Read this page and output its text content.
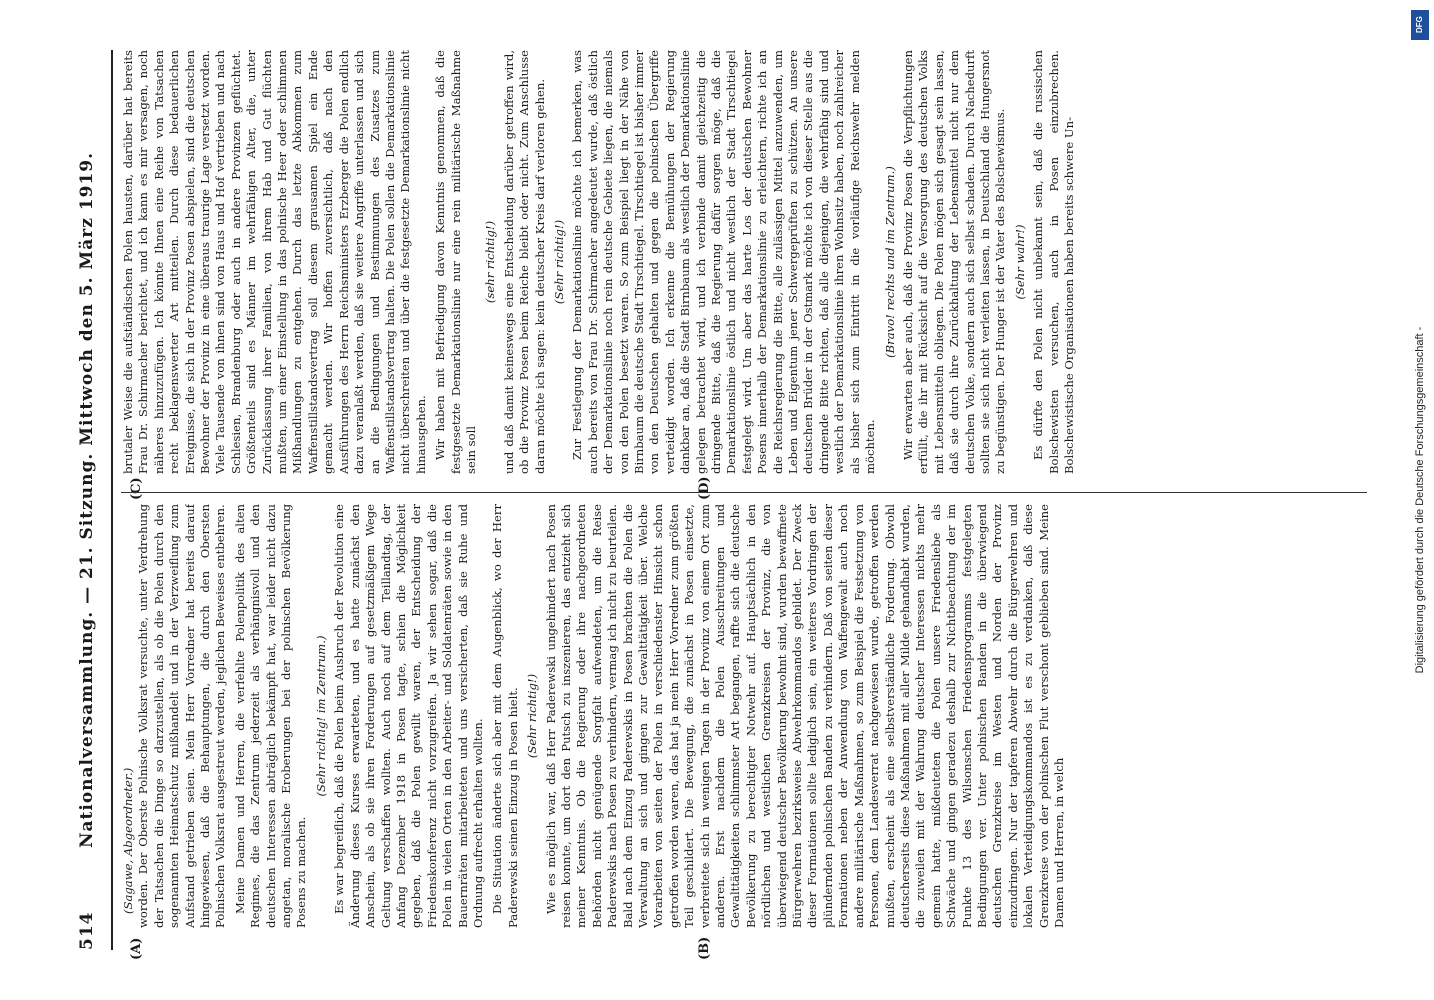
514
Nationalversammlung. — 21. Sitzung. Mittwoch den 5. März 1919.
(A)	(B)
(C)	(D)

(Sagawe, Abgeordneter.) worden. Der Oberste Polnische Volksrat versuchte, unter Verdrehung der Tatsachen die Dinge so darzustellen, als ob die Polen durch den sogenannten Heimatschutz mißhandelt und in der Verzweiflung zum Aufstand getrieben seien. Mein Herr Vorredner hat bereits darauf hingewiesen, daß die Behauptungen, die durch den Obersten Polnischen Volksrat ausgestreut werden, jeglichen Beweises entbehren. Meine Damen und Herren, die verfehlte Polenpolitik des alten Regimes, die das Zentrum jederzeit als verhängnisvoll und den deutschen Interessen abträglich bekämpft hat, war leider nicht dazu angetan, moralische Eroberungen bei der polnischen Bevölkerung Posens zu machen.

(Sehr richtig! im Zentrum.) Es war begreiflich, daß die Polen beim Ausbruch der Revolution eine Änderung dieses Kurses erwarteten, und es hatte zunächst den Anschein, als ob sie ihren Forderungen auf gesetzmäßigem Wege Geltung verschaffen wollten. Auch noch auf dem Teillandtag, der Anfang Dezember 1918 in Posen tagte, schien die Möglichkeit gegeben, daß die Polen gewillt waren, der Entscheidung der Friedenskonferenz nicht vorzugreifen. Ja wir sehen sogar, daß die Polen in vielen Orten in den Arbeiter- und Soldatenräten sowie in den Bauernräten mitarbeiteten und uns versicherten, daß sie Ruhe und Ordnung aufrecht erhalten wollten. Die Situation änderte sich aber mit dem Augenblick, wo der Herr Paderewski seinen Einzug in Posen hielt. (Sehr richtig!) Wie es möglich war, daß Herr Paderewski ungehindert nach Posen reisen konnte, um dort den Putsch zu inszenieren, das entzieht sich meiner Kenntnis. Ob die Regierung oder ihre nachgeordneten Behörden nicht genügende Sorgfalt aufwendeten, um die Reise Paderewskis nach Posen zu verhindern, vermag ich nicht zu beurteilen. Bald nach dem Einzug Paderewskis in Posen brachten die Polen die Verwaltung an sich und gingen zur Gewalttätigkeit über. Welche Vorarbeiten von seiten der Polen in verschiedenster Hinsicht schon getroffen worden waren, das hat ja mein Herr Vorredner zum größten Teil geschildert. Die Bewegung, die zunächst in Posen einsetzte, verbreitete sich in wenigen Tagen in der Provinz von einem Ort zum anderen. Erst nachdem die Polen Ausschreitungen und Gewalttätigkeiten schlimmster Art begangen, raffte sich die deutsche Bevölkerung zu berechtigter Notwehr auf. Hauptsächlich in den nördlichen und westlichen Grenzkreisen der Provinz, die von überwiegend deutscher Bevölkerung bewohnt sind, wurden bewaffnete Bürgerwehren bezirksweise Abwehrkommandos gebildet. Der Zweck dieser Formationen sollte lediglich sein, ein weiteres Vordringen der plündernden polnischen Banden zu verhindern. Daß von seiten dieser Formationen neben der Anwendung von Waffengewalt auch noch andere militärische Maßnahmen, so zum Beispiel die Festsetzung von Personen, dem Landesverrat nachgewiesen wurde, getroffen werden mußten, erscheint als eine selbstverständliche Forderung. Obwohl deutscherseits diese Maßnahmen mit aller Milde gehandhabt wurden, die zuweilen mit der Wahrung deutscher Interessen nichts mehr gemein hatte, mißdeuteten die Polen unsere Friedensliebe als Schwäche und gingen geradezu deshalb zur Nichtbeachtung der im Punkte 13 des Wilsonschen Friedensprogramms festgelegten Bedingungen ver. Unter polnischen Banden in die überwiegend deutschen Grenzkreise im Westen und Norden der Provinz einzudringen. Nur der tapferen Abwehr durch die Bürgerwehren und lokalen Verteidigungskommandos ist es zu verdanken, daß diese Grenzkreise von der polnischen Flut verschont geblieben sind. Meine Damen und Herren, in welch

brutaler Weise die aufständischen Polen hausten, darüber hat bereits Frau Dr. Schirmacher berichtet, und ich kann es mir versagen, noch näheres hinzuzufügen. Ich könnte Ihnen eine Reihe von Tatsachen recht beklagenswerter Art mitteilen. Durch diese bedauerlichen Ereignisse, die sich in der Provinz Posen abspielen, sind die deutschen Bewohner der Provinz in eine überaus traurige Lage versetzt worden. Viele Tausende von ihnen sind von Haus und Hof vertrieben und nach Schlesien, Brandenburg oder auch in andere Provinzen geflüchtet. Größtenteils sind es Männer im wehrfähigen Alter, die, unter Zurücklassung ihrer Familien, von ihrem Hab und Gut flüchten mußten, um einer Einstellung in das polnische Heer oder schlimmen Mißhandlungen zu entgehen. Durch das letzte Abkommen zum Waffenstillstandsvertrag soll diesem grausamen Spiel ein Ende gemacht werden. Wir hoffen zuversichtlich, daß nach den Ausführungen des Herrn Reichsministers Erzberger die Polen endlich dazu veranlaßt werden, daß sie weitere Angriffe unterlassen und sich an die Bedingungen und Bestimmungen des Zusatzes zum Waffenstillstandsvertrag halten. Die Polen sollen die Demarkationslinie nicht überschreiten und über die festgesetzte Demarkationslinie nicht hinausgehen. Wir haben mit Befriedigung davon Kenntnis genommen, daß die festgesetzte Demarkationslinie nur eine rein militärische Maßnahme sein soll

(sehr richtig!) und daß damit keineswegs eine Entscheidung darüber getroffen wird, ob die Provinz Posen beim Reiche bleibt oder nicht. Zum Anschlusse daran möchte ich sagen: kein deutscher Kreis darf verloren gehen. (Sehr richtig!) Zur Festlegung der Demarkationslinie möchte ich bemerken, was auch bereits von Frau Dr. Schirmacher angedeutet wurde, daß östlich der Demarkationslinie noch rein deutsche Gebiete liegen, die niemals von den Polen besetzt waren. So zum Beispiel liegt in der Nähe von Birnbaum die deutsche Stadt Tirschtiegel. Tirschtiegel ist bisher immer von den Deutschen gehalten und gegen die polnischen Übergriffe verteidigt worden. Ich erkenne die Bemühungen der Regierung dankbar an, daß die Stadt Birnbaum als westlich der Demarkationslinie gelegen betrachtet wird, und ich verbinde damit gleichzeitig die dringende Bitte, daß die Regierung dafür sorgen möge, daß die Demarkationslinie östlich und nicht westlich der Stadt Tirschtiegel festgelegt wird. Um aber das harte Los der deutschen Bewohner Posens innerhalb der Demarkationslinie zu erleichtern, richte ich an die Reichsregierung die Bitte, alle zulässigen Mittel anzuwenden, um Leben und Eigentum jener Schwergeprüften zu schützen. An unsere deutschen Brüder in der Ostmark möchte ich von dieser Stelle aus die dringende Bitte richten, daß alle diejenigen, die wehrfähig sind und westlich der Demarkationslinie ihren Wohnsitz haben, noch zahlreicher als bisher sich zum Eintritt in die vorläufige Reichswehr melden möchten.

(Bravo! rechts und im Zentrum.) Wir erwarten aber auch, daß die Provinz Posen die Verpflichtungen erfüllt, die ihr mit Rücksicht auf die Versorgung des deutschen Volks mit Lebensmitteln obliegen. Die Polen mögen sich gesagt sein lassen, daß sie durch ihre Zurückhaltung der Lebensmittel nicht nur dem deutschen Volke, sondern auch sich selbst schaden. Durch Nachedurft sollten sie sich nicht verleiten lassen, in Deutschland die Hungersnot zu begünstigen. Der Hunger ist der Vater des Bolschewismus. (Sehr wahr!) Es dürfte den Polen nicht unbekannt sein, daß die russischen Bolschewisten versuchen, auch in Posen einzubrechen. Bolschewistische Organisationen haben bereits schwere Un-

DFG
Digitalisierung gefördert durch die Deutsche Forschungsgemeinschaft -
